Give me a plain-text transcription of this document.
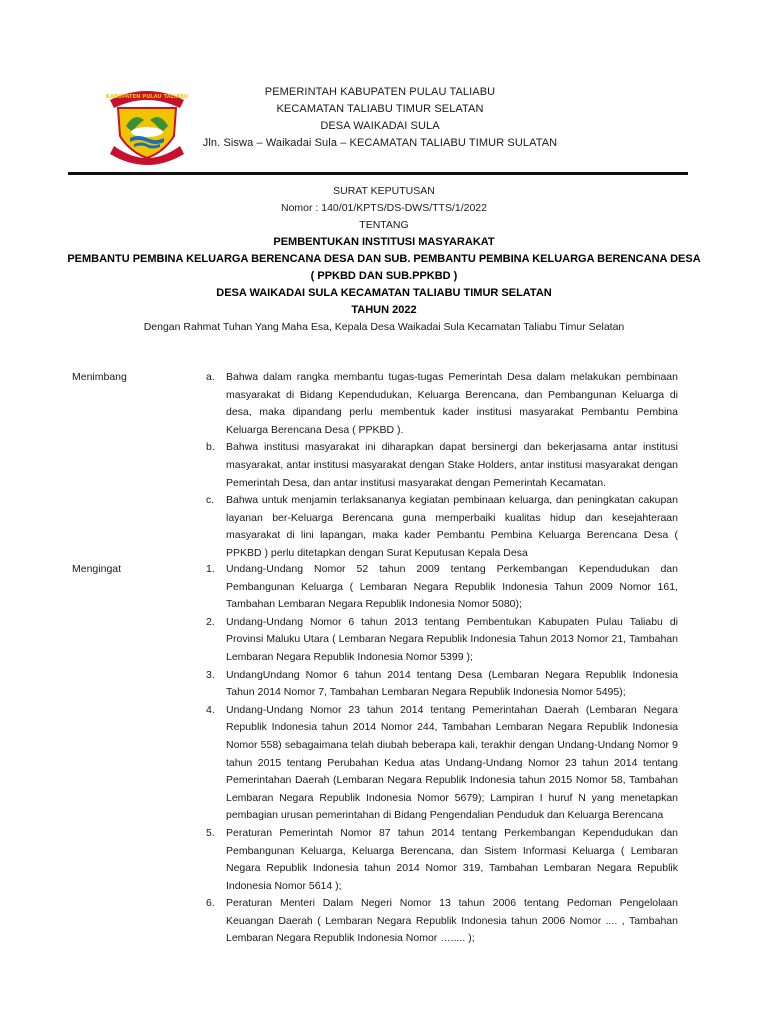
KABUPATEN PULAU TALIABU	PEMERINTAH KABUPATEN PULAU TALIABU
KECAMATAN TALIABU TIMUR SELATAN
DESA WAIKADAI SULA
Jln. Siswa – Waikadai Sula – KECAMATAN TALIABU TIMUR SULATAN
SURAT KEPUTUSAN
Nomor : 140/01/KPTS/DS-DWS/TTS/1/2022
TENTANG
PEMBENTUKAN INSTITUSI MASYARAKAT
PEMBANTU PEMBINA KELUARGA BERENCANA DESA DAN SUB. PEMBANTU PEMBINA KELUARGA BERENCANA DESA
( PPKBD DAN SUB.PPKBD )
DESA WAIKADAI SULA KECAMATAN TALIABU TIMUR SELATAN
TAHUN 2022
Dengan Rahmat Tuhan Yang Maha Esa, Kepala Desa Waikadai Sula Kecamatan Taliabu Timur Selatan
Menimbang	a.	Bahwa dalam rangka membantu tugas-tugas Pemerintah Desa dalam melakukan pembinaan masyarakat di Bidang Kependudukan, Keluarga Berencana, dan Pembangunan Keluarga di desa, maka dipandang perlu membentuk kader institusi masyarakat Pembantu Pembina Keluarga Berencana Desa ( PPKBD ).
b.	Bahwa institusi masyarakat ini diharapkan dapat bersinergi dan bekerjasama antar institusi masyarakat, antar institusi masyarakat dengan Stake Holders, antar institusi masyarakat dengan Pemerintah Desa, dan antar institusi masyarakat dengan Pemerintah Kecamatan.
c.	Bahwa untuk menjamin terlaksananya kegiatan pembinaan keluarga, dan peningkatan cakupan layanan ber-Keluarga Berencana guna memperbaiki kualitas hidup dan kesejahteraan masyarakat di lini lapangan, maka kader Pembantu Pembina Keluarga Berencana Desa ( PPKBD ) perlu ditetapkan dengan Surat Keputusan Kepala Desa
Mengingat	1.	Undang-Undang Nomor 52 tahun 2009 tentang Perkembangan Kependudukan dan Pembangunan Keluarga ( Lembaran Negara Republik Indonesia Tahun 2009 Nomor 161, Tambahan Lembaran Negara Republik Indonesia Nomor 5080);
2.	Undang-Undang Nomor 6 tahun 2013 tentang Pembentukan Kabupaten Pulau Taliabu di Provinsi Maluku Utara ( Lembaran Negara Republik Indonesia Tahun 2013 Nomor 21, Tambahan Lembaran Negara Republik Indonesia Nomor 5399 );
3.	UndangUndang Nomor 6 tahun 2014 tentang Desa (Lembaran Negara Republik Indonesia Tahun 2014 Nomor 7, Tambahan Lembaran Negara Republik Indonesia Nomor 5495);
4.	Undang-Undang Nomor 23 tahun 2014 tentang Pemerintahan Daerah (Lembaran Negara Republik Indonesia tahun 2014 Nomor 244, Tambahan Lembaran Negara Republik Indonesia Nomor 558) sebagaimana telah diubah beberapa kali, terakhir dengan Undang-Undang Nomor 9 tahun 2015 tentang Perubahan Kedua atas Undang-Undang Nomor 23 tahun 2014 tentang Pemerintahan Daerah (Lembaran Negara Republik Indonesia tahun 2015 Nomor 58, Tambahan Lembaran Negara Republik Indonesia Nomor 5679); Lampiran I huruf N yang menetapkan pembagian urusan pemerintahan di Bidang Pengendalian Penduduk dan Keluarga Berencana
5.	Peraturan Pemerintah Nomor 87 tahun 2014 tentang Perkembangan Kependudukan dan Pembangunan Keluarga, Keluarga Berencana, dan Sistem Informasi Keluarga ( Lembaran Negara Republik Indonesia tahun 2014 Nomor 319, Tambahan Lembaran Negara Republik Indonesia Nomor 5614 );
6.	Peraturan Menteri Dalam Negeri Nomor 13 tahun 2006 tentang Pedoman Pengelolaan Keuangan Daerah ( Lembaran Negara Republik Indonesia tahun 2006 Nomor .... , Tambahan Lembaran Negara Republik Indonesia Nomor …..... );
